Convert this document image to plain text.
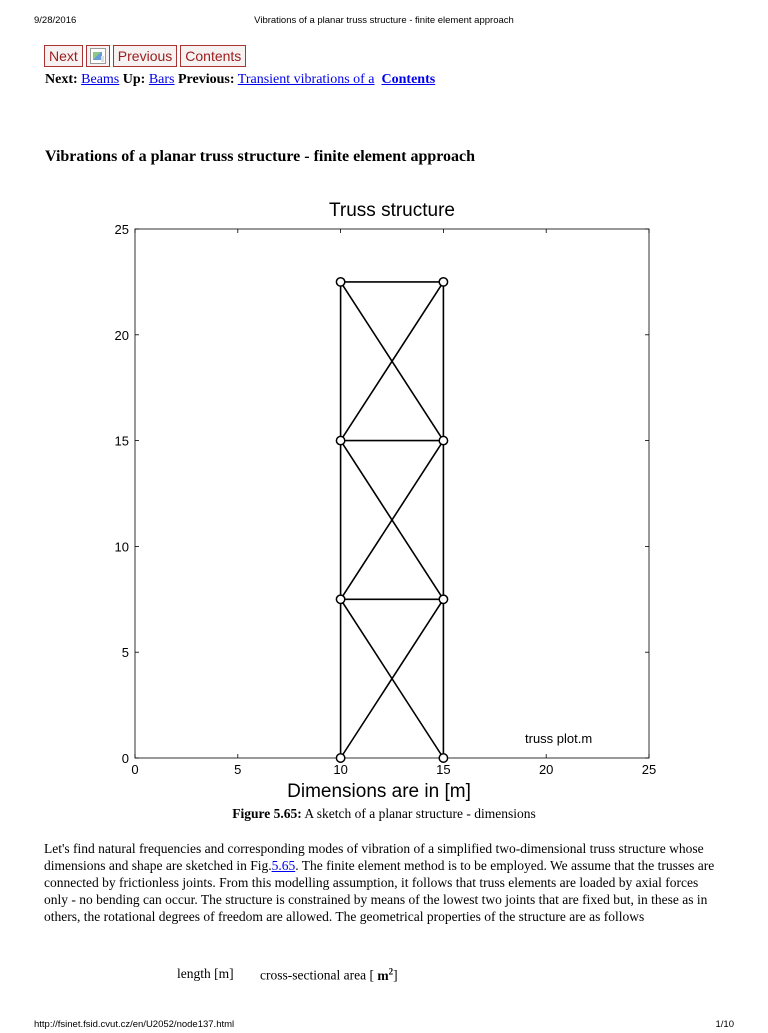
9/28/2016	Vibrations of a planar truss structure - finite element approach
Next	Previous Contents
Next: Beams Up: Bars Previous: Transient vibrations of a Contents
Vibrations of a planar truss structure - finite element approach
Truss structure
0	5	10	15	20	25
0
5
10
15
20
25
truss plot.m
Dimensions are in [m]
Figure 5.65: A sketch of a planar structure - dimensions

Let's find natural frequencies and corresponding modes of vibration of a simplified two-dimensional truss structure whose dimensions and shape are sketched in Fig.5.65. The finite element method is to be employed. We assume that the trusses are connected by frictionless joints. From this modelling assumption, it follows that truss elements are loaded by axial forces only - no bending can occur. The structure is constrained by means of the lowest two joints that are fixed but, in these as in others, the rotational degrees of freedom are allowed. The geometrical properties of the structure are as follows

length [m] cross-sectional area [ $m^2$]
http://fsinet.fsid.cvut.cz/en/U2052/node137.html	1/10
